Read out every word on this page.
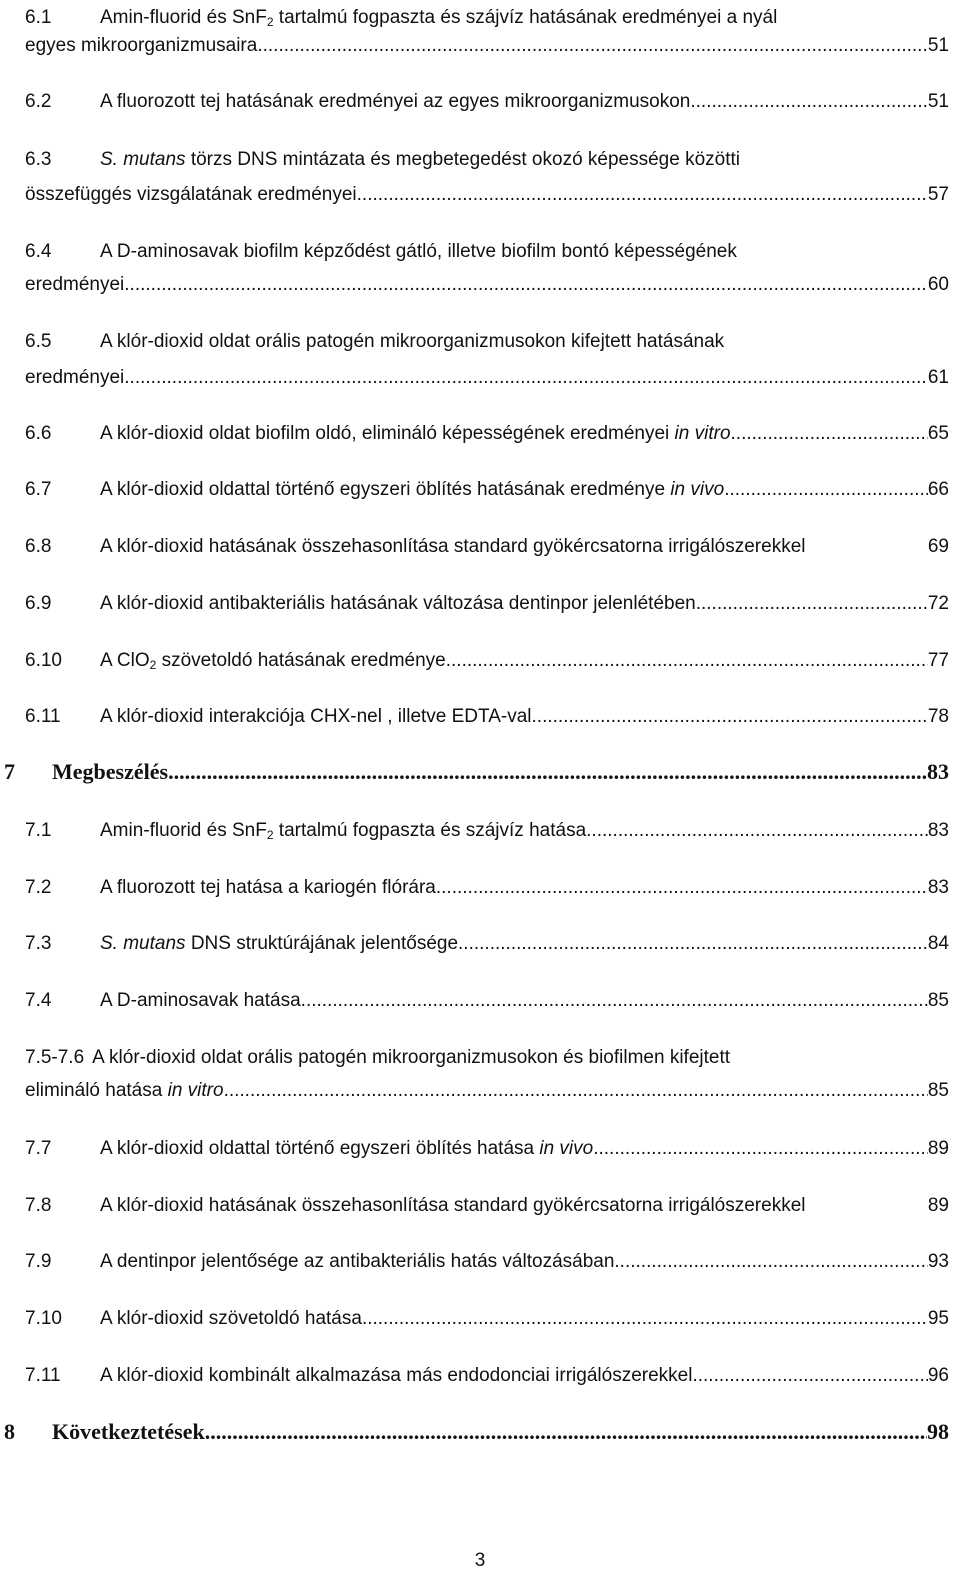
6.1	Amin-fluorid és SnF$_2$ tartalmú fogpaszta és szájvíz hatásának eredményei a nyál
egyes mikroorganizmusaira .....	51
6.2	A fluorozott tej hatásának eredményei az egyes mikroorganizmusokon .....	51
6.3	S. mutans törzs DNS mintázata és megbetegedést okozó képessége közötti
összefüggés vizsgálatának eredményei. .....	57
6.4	A D-aminosavak biofilm képződést gátló, illetve biofilm bontó képességének
eredményei .....	60
6.5	A klór-dioxid oldat orális patogén mikroorganizmusokon kifejtett hatásának
eredményei .....	61
6.6	A klór-dioxid oldat biofilm oldó, elimináló képességének eredményei in vitro .....	65
6.7	A klór-dioxid oldattal történő egyszeri öblítés hatásának eredménye in vivo .....	66
6.8	A klór-dioxid hatásának összehasonlítása standard gyökércsatorna irrigálószerekkel	69
6.9	A klór-dioxid antibakteriális hatásának változása dentinpor jelenlétében .....	72
6.10	A ClO$_2$ szövetoldó hatásának eredménye .....	77
6.11	A klór-dioxid interakciója CHX-nel , illetve EDTA-val .....	78
7	Megbeszélés .....	83
7.1	Amin-fluorid és SnF$_2$ tartalmú fogpaszta és szájvíz hatása .....	83
7.2	A fluorozott tej hatása a kariogén flórára .....	83
7.3	S. mutans DNS struktúrájának jelentősége .....	84
7.4	A D-aminosavak hatása .....	85
7.5-7.6 A klór-dioxid oldat orális patogén mikroorganizmusokon és biofilmen kifejtett
elimináló hatása in vitro .....	85
7.7	A klór-dioxid oldattal történő egyszeri öblítés hatása in vivo .....	89
7.8	A klór-dioxid hatásának összehasonlítása standard gyökércsatorna irrigálószerekkel	89
7.9	A dentinpor jelentősége az antibakteriális hatás változásában .....	93
7.10	A klór-dioxid szövetoldó hatása .....	95
7.11	A klór-dioxid kombinált alkalmazása más endodonciai irrigálószerekkel .....	96
8	Következtetések .....	98
3
